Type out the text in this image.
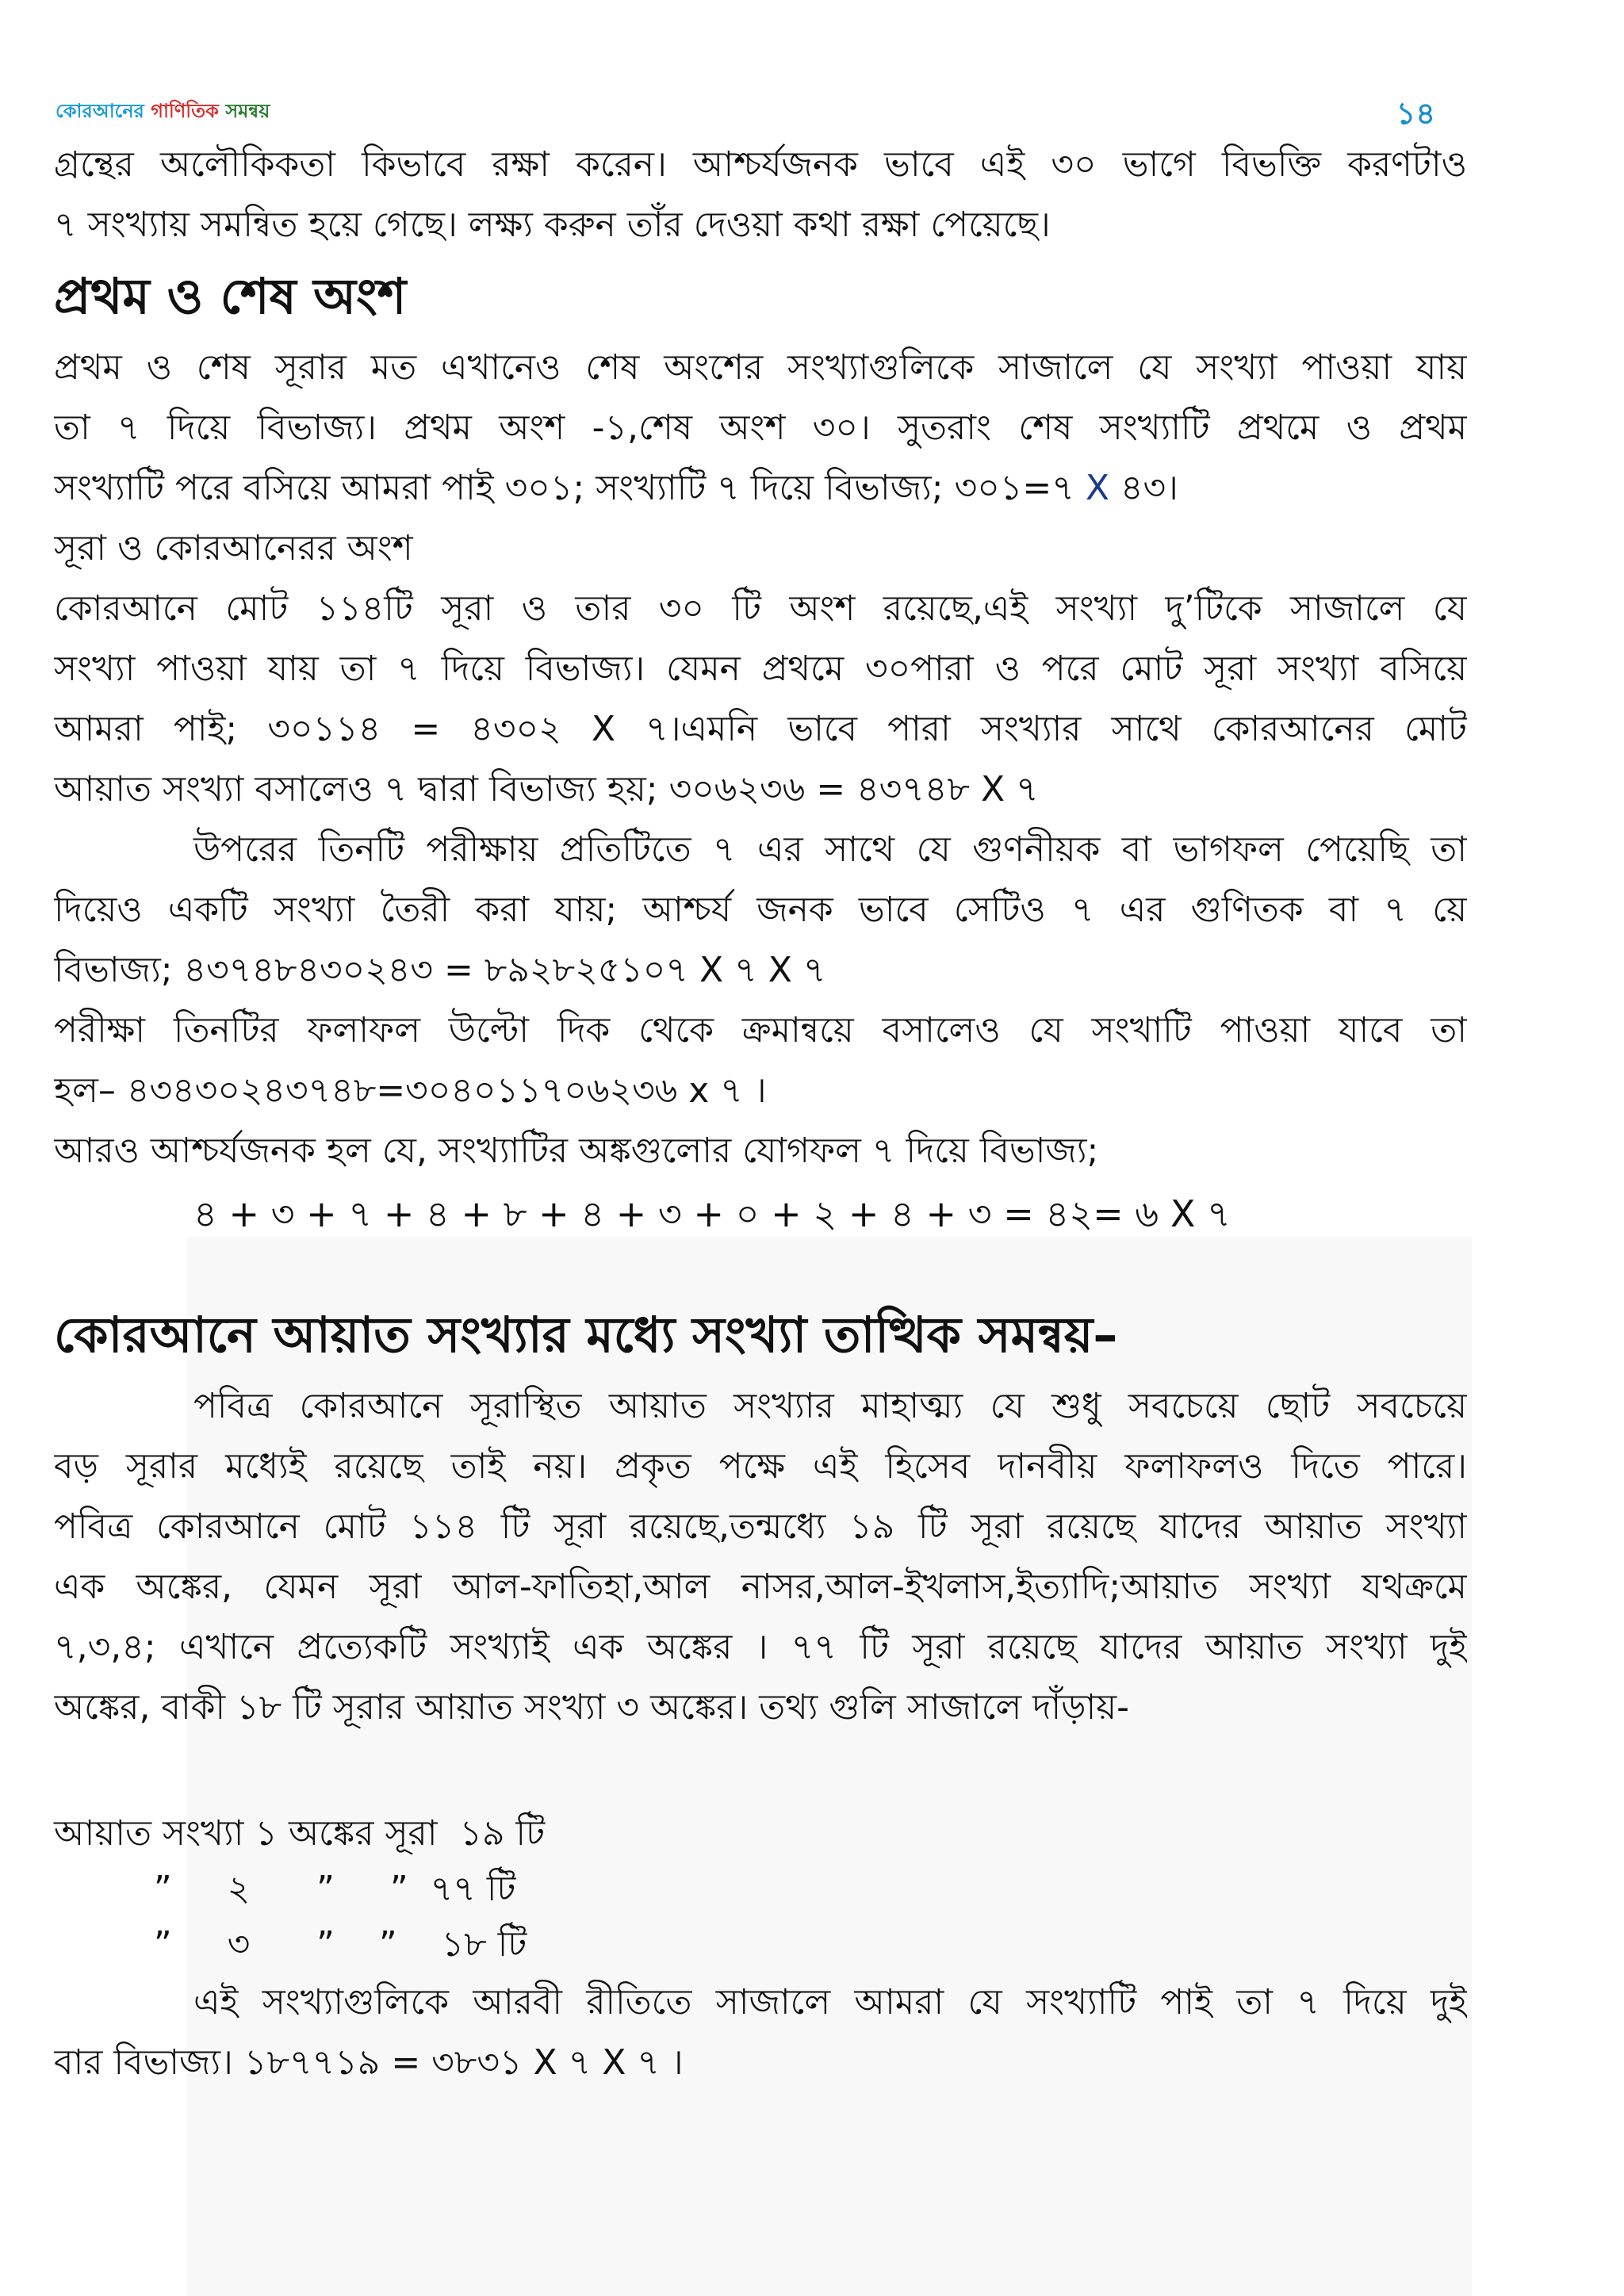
কোরআনের গাণিতিক সমন্বয়	১৪

গ্রন্থের অলৌকিকতা কিভাবে রক্ষা করেন। আশ্চর্যজনক ভাবে এই ৩০ ভাগে বিভক্তি করণটাও

৭ সংখ্যায় সমন্বিত হয়ে গেছে। লক্ষ্য করুন তাঁর দেওয়া কথা রক্ষা পেয়েছে।

প্রথম ও শেষ অংশ

প্রথম ও শেষ সূরার মত এখানেও শেষ অংশের সংখ্যাগুলিকে সাজালে যে সংখ্যা পাওয়া যায়

তা ৭ দিয়ে বিভাজ্য। প্রথম অংশ -১,শেষ অংশ ৩০। সুতরাং শেষ সংখ্যাটি প্রথমে ও প্রথম

সংখ্যাটি পরে বসিয়ে আমরা পাই ৩০১; সংখ্যাটি ৭ দিয়ে বিভাজ্য; ৩০১=৭ X ৪৩।

সূরা ও কোরআনেরর অংশ

কোরআনে মোট ১১৪টি সূরা ও তার ৩০ টি অংশ রয়েছে,এই সংখ্যা দু’টিকে সাজালে যে

সংখ্যা পাওয়া যায় তা ৭ দিয়ে বিভাজ্য। যেমন প্রথমে ৩০পারা ও পরে মোট সূরা সংখ্যা বসিয়ে

আমরা পাই; ৩০১১৪ = ৪৩০২ X ৭।এমনি ভাবে পারা সংখ্যার সাথে কোরআনের মোট

আয়াত সংখ্যা বসালেও ৭ দ্বারা বিভাজ্য হয়; ৩০৬২৩৬ = ৪৩৭৪৮ X ৭

উপরের তিনটি পরীক্ষায় প্রতিটিতে ৭ এর সাথে যে গুণনীয়ক বা ভাগফল পেয়েছি তা

দিয়েও একটি সংখ্যা তৈরী করা যায়; আশ্চর্য জনক ভাবে সেটিও ৭ এর গুণিতক বা ৭ য়ে

বিভাজ্য; ৪৩৭৪৮৪৩০২৪৩ = ৮৯২৮২৫১০৭ X ৭ X ৭

পরীক্ষা তিনটির ফলাফল উল্টো দিক থেকে ক্রমান্বয়ে বসালেও যে সংখাটি পাওয়া যাবে তা

হল– ৪৩৪৩০২৪৩৭৪৮=৩০৪০১১৭০৬২৩৬ x ৭ ।

আরও আশ্চর্যজনক হল যে, সংখ্যাটির অঙ্কগুলোর যোগফল ৭ দিয়ে বিভাজ্য;

৪ + ৩ + ৭ + ৪ + ৮ + ৪ + ৩ + ০ + ২ + ৪ + ৩ = ৪২= ৬ X ৭

কোরআনে আয়াত সংখ্যার মধ্যে সংখ্যা তাত্থিক সমন্বয়–

পবিত্র কোরআনে সূরাস্থিত আয়াত সংখ্যার মাহাত্ম্য যে শুধু সবচেয়ে ছোট সবচেয়ে

বড় সূরার মধ্যেই রয়েছে তাই নয়। প্রকৃত পক্ষে এই হিসেব দানবীয় ফলাফলও দিতে পারে।

পবিত্র কোরআনে মোট ১১৪ টি সূরা রয়েছে,তন্মধ্যে ১৯ টি সূরা রয়েছে যাদের আয়াত সংখ্যা

এক অঙ্কের, যেমন সূরা আল-ফাতিহা,আল নাসর,আল-ইখলাস,ইত্যাদি;আয়াত সংখ্যা যথক্রমে

৭,৩,৪; এখানে প্রত্যেকটি সংখ্যাই এক অঙ্কের । ৭৭ টি সূরা রয়েছে যাদের আয়াত সংখ্যা দুই

অঙ্কের, বাকী ১৮ টি সূরার আয়াত সংখ্যা ৩ অঙ্কের। তথ্য গুলি সাজালে দাঁড়ায়-

আয়াত সংখ্যা ১ অঙ্কের সূরা  ১৯ টি

”     ২      ”     ”  ৭৭ টি

”     ৩      ”    ”    ১৮ টি

এই সংখ্যাগুলিকে আরবী রীতিতে সাজালে আমরা যে সংখ্যাটি পাই তা ৭ দিয়ে দুই

বার বিভাজ্য। ১৮৭৭১৯ = ৩৮৩১ X ৭ X ৭ ।
